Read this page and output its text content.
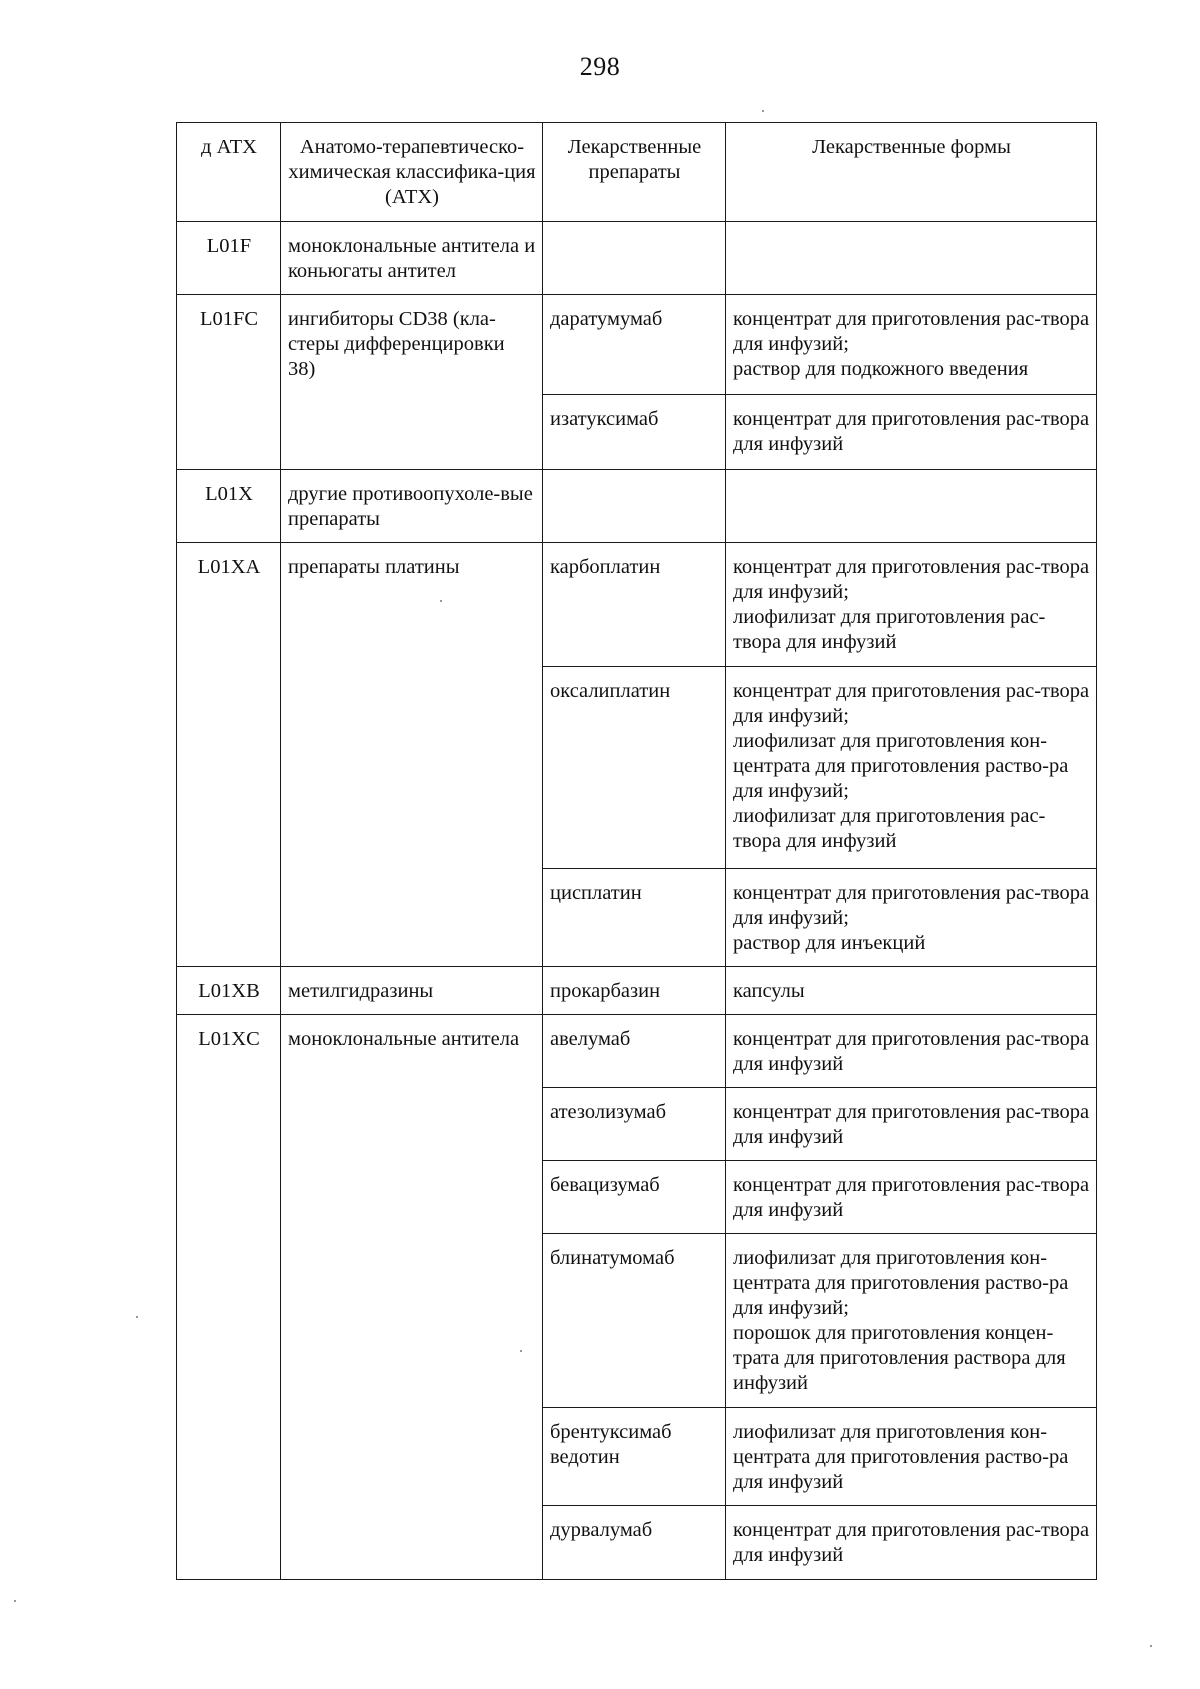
298
д АТХ	Анатомо-терапевтическо-химическая классифика-ция (АТХ)	Лекарственные препараты	Лекарственные формы
L01F	моноклональные антитела и коньюгаты антител		
L01FC	ингибиторы CD38 (кла-стеры дифференцировки 38)	даратумумаб	концентрат для приготовления рас-твора для инфузий;
раствор для подкожного введения
		изатуксимаб	концентрат для приготовления рас-твора для инфузий
L01X	другие противоопухоле-вые препараты		
L01XA	препараты платины	карбоплатин	концентрат для приготовления рас-твора для инфузий;
лиофилизат для приготовления рас-твора для инфузий
		оксалиплатин	концентрат для приготовления рас-твора для инфузий;
лиофилизат для приготовления кон-центрата для приготовления раство-ра для инфузий;
лиофилизат для приготовления рас-твора для инфузий
		цисплатин	концентрат для приготовления рас-твора для инфузий;
раствор для инъекций
L01XB	метилгидразины	прокарбазин	капсулы
L01XC	моноклональные антитела	авелумаб	концентрат для приготовления рас-твора для инфузий
		атезолизумаб	концентрат для приготовления рас-твора для инфузий
		бевацизумаб	концентрат для приготовления рас-твора для инфузий
		блинатумомаб	лиофилизат для приготовления кон-центрата для приготовления раство-ра для инфузий;
порошок для приготовления концен-трата для приготовления раствора для инфузий
		брентуксимаб ведотин	лиофилизат для приготовления кон-центрата для приготовления раство-ра для инфузий
		дурвалумаб	концентрат для приготовления рас-твора для инфузий
